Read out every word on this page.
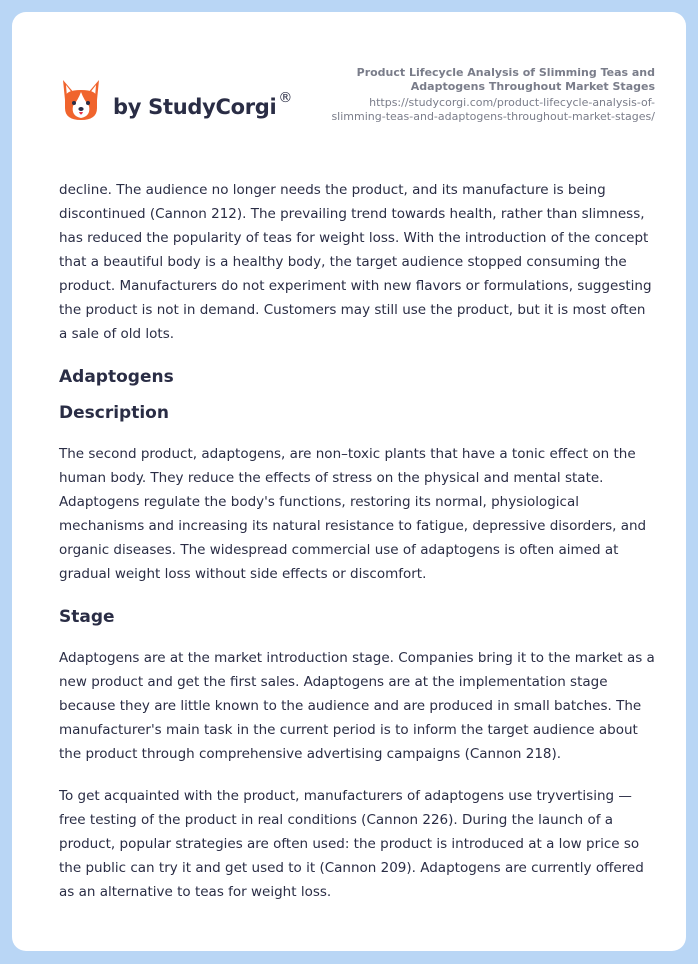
by StudyCorgi ®
Product Lifecycle Analysis of Slimming Teas and Adaptogens Throughout Market Stages
https://studycorgi.com/product-lifecycle-analysis-of-slimming-teas-and-adaptogens-throughout-market-stages/

decline. The audience no longer needs the product, and its manufacture is being discontinued (Cannon 212). The prevailing trend towards health, rather than slimness, has reduced the popularity of teas for weight loss. With the introduction of the concept that a beautiful body is a healthy body, the target audience stopped consuming the product. Manufacturers do not experiment with new flavors or formulations, suggesting the product is not in demand. Customers may still use the product, but it is most often a sale of old lots.

Adaptogens
Description

The second product, adaptogens, are non–toxic plants that have a tonic effect on the human body. They reduce the effects of stress on the physical and mental state. Adaptogens regulate the body's functions, restoring its normal, physiological mechanisms and increasing its natural resistance to fatigue, depressive disorders, and organic diseases. The widespread commercial use of adaptogens is often aimed at gradual weight loss without side effects or discomfort.

Stage

Adaptogens are at the market introduction stage. Companies bring it to the market as a new product and get the first sales. Adaptogens are at the implementation stage because they are little known to the audience and are produced in small batches. The manufacturer's main task in the current period is to inform the target audience about the product through comprehensive advertising campaigns (Cannon 218).

To get acquainted with the product, manufacturers of adaptogens use tryvertising — free testing of the product in real conditions (Cannon 226). During the launch of a product, popular strategies are often used: the product is introduced at a low price so the public can try it and get used to it (Cannon 209). Adaptogens are currently offered as an alternative to teas for weight loss.
